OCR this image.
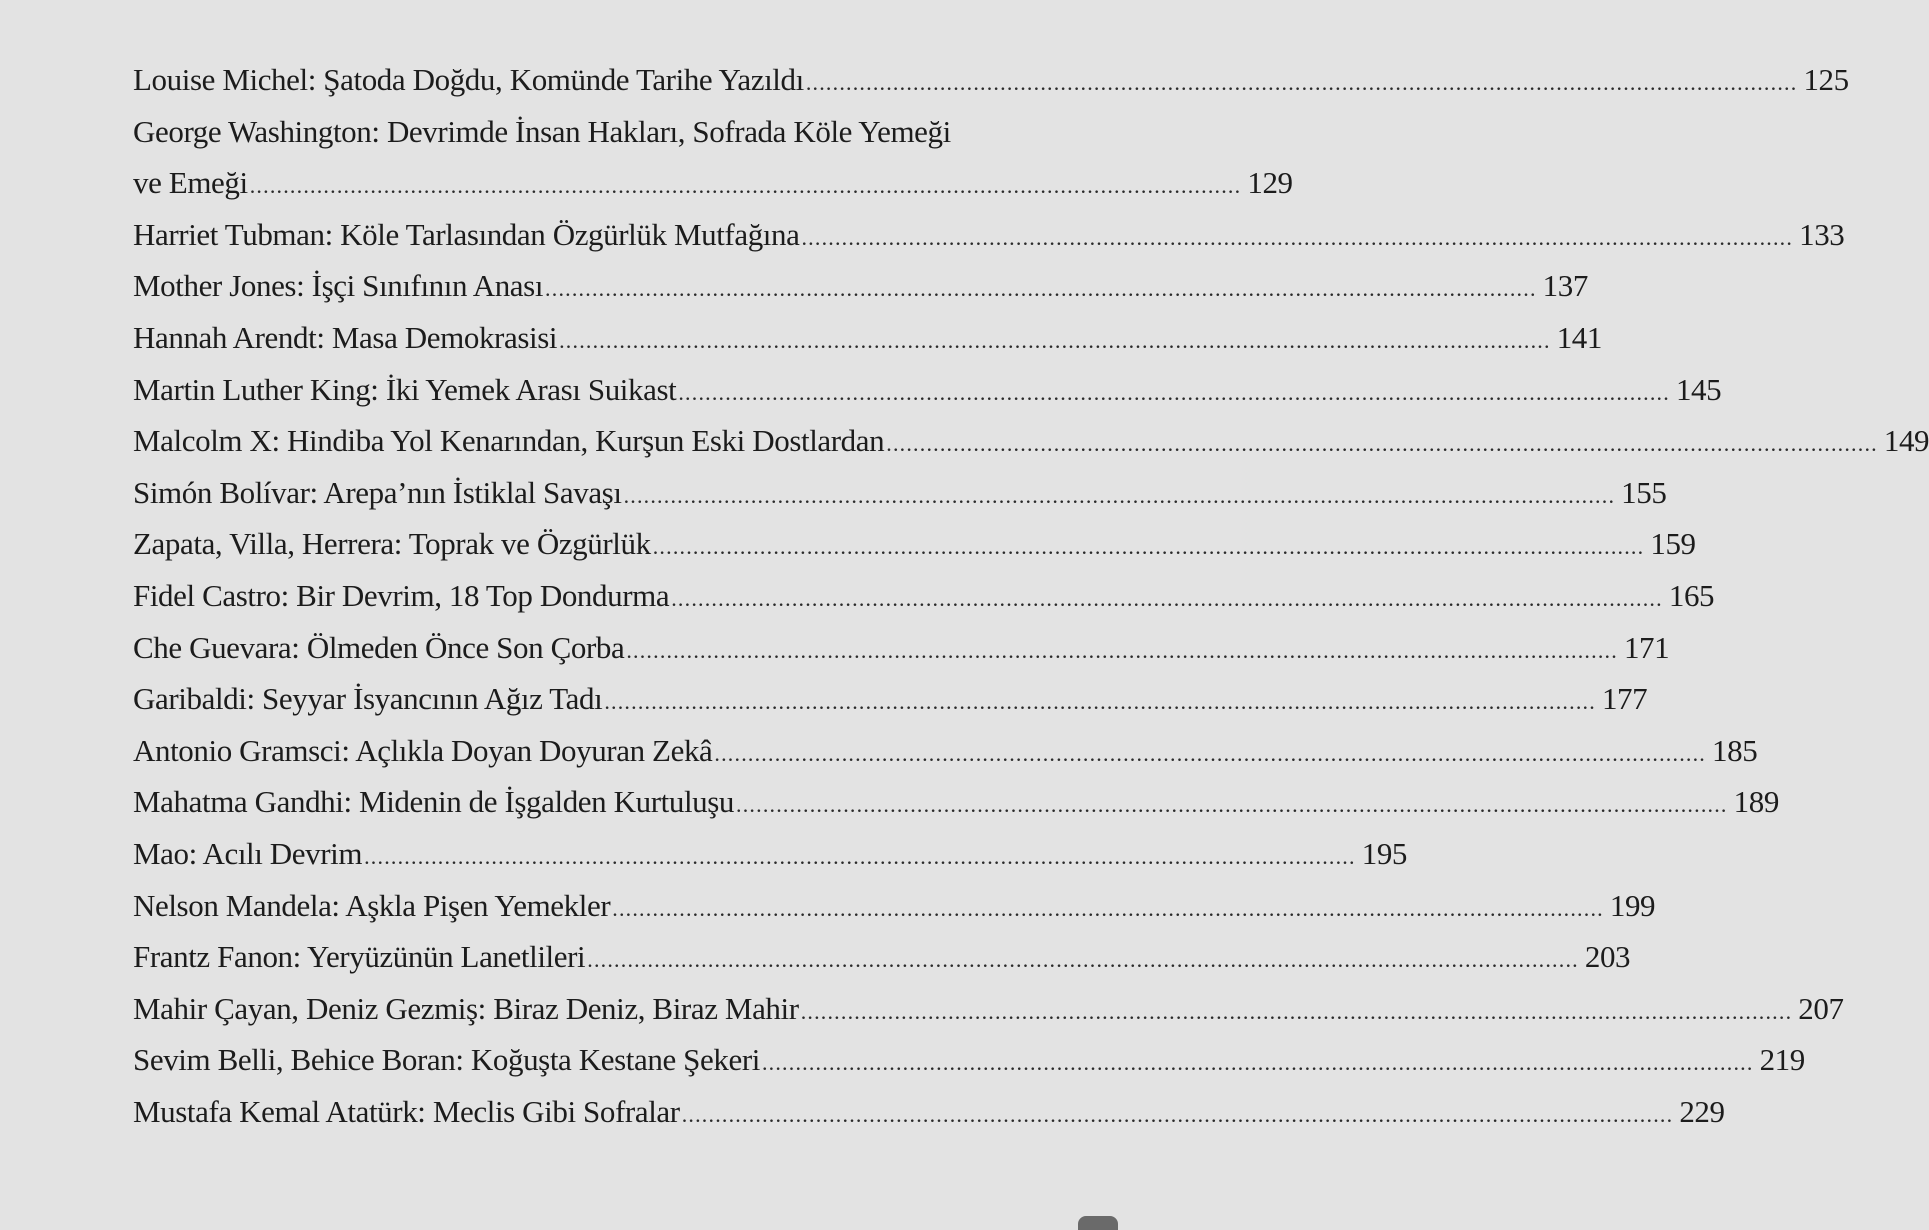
Louise Michel: Şatoda Doğdu, Komünde Tarihe Yazıldı .................................................................................................................................................... 125
George Washington: Devrimde İnsan Hakları, Sofrada Köle Yemeği
ve Emeği .................................................................................................................................................... 129
Harriet Tubman: Köle Tarlasından Özgürlük Mutfağına .................................................................................................................................................... 133
Mother Jones: İşçi Sınıfının Anası .................................................................................................................................................... 137
Hannah Arendt: Masa Demokrasisi .................................................................................................................................................... 141
Martin Luther King: İki Yemek Arası Suikast .................................................................................................................................................... 145
Malcolm X: Hindiba Yol Kenarından, Kurşun Eski Dostlardan .................................................................................................................................................... 149
Simón Bolívar: Arepa’nın İstiklal Savaşı .................................................................................................................................................... 155
Zapata, Villa, Herrera: Toprak ve Özgürlük .................................................................................................................................................... 159
Fidel Castro: Bir Devrim, 18 Top Dondurma .................................................................................................................................................... 165
Che Guevara: Ölmeden Önce Son Çorba .................................................................................................................................................... 171
Garibaldi: Seyyar İsyancının Ağız Tadı .................................................................................................................................................... 177
Antonio Gramsci: Açlıkla Doyan Doyuran Zekâ .................................................................................................................................................... 185
Mahatma Gandhi: Midenin de İşgalden Kurtuluşu .................................................................................................................................................... 189
Mao: Acılı Devrim .................................................................................................................................................... 195
Nelson Mandela: Aşkla Pişen Yemekler .................................................................................................................................................... 199
Frantz Fanon: Yeryüzünün Lanetlileri .................................................................................................................................................... 203
Mahir Çayan, Deniz Gezmiş: Biraz Deniz, Biraz Mahir .................................................................................................................................................... 207
Sevim Belli, Behice Boran: Koğuşta Kestane Şekeri .................................................................................................................................................... 219
Mustafa Kemal Atatürk: Meclis Gibi Sofralar .................................................................................................................................................... 229
